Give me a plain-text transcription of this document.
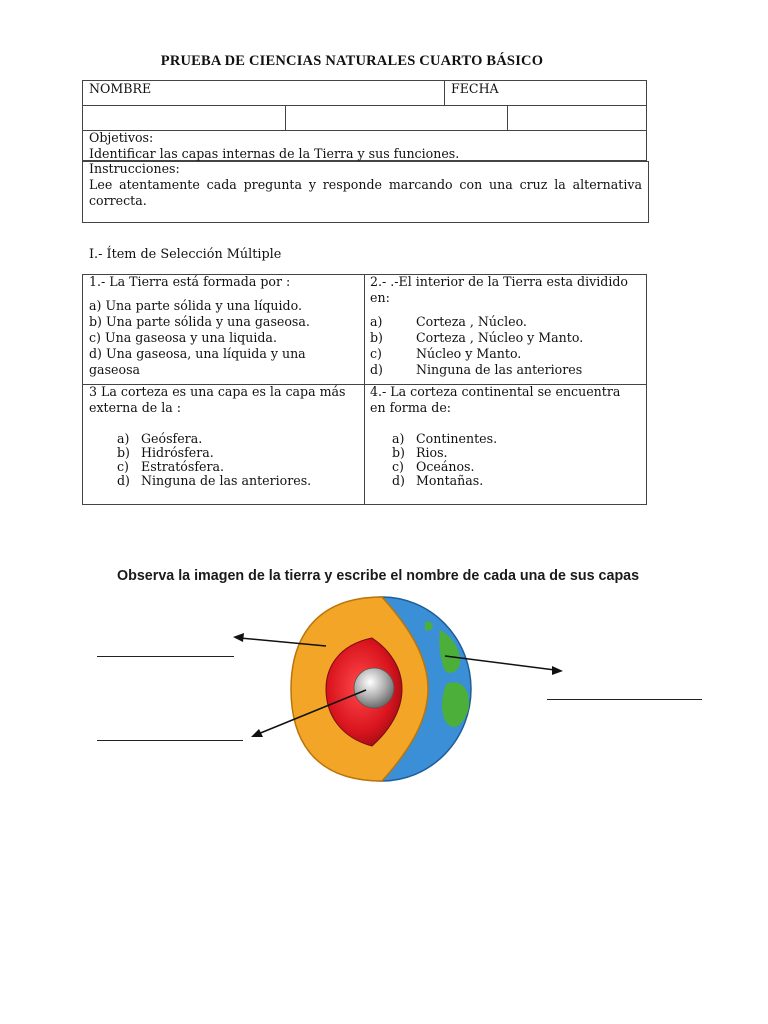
PRUEBA DE CIENCIAS NATURALES CUARTO BÁSICO
NOMBRE	FECHA
Objetivos:
Identificar las capas internas de la Tierra y sus funciones.
Instrucciones:
Lee atentamente cada pregunta y responde marcando con una cruz la alternativa correcta.
I.- Ítem de Selección Múltiple
1.- La Tierra está formada por :
a) Una parte sólida y una líquido.
b) Una parte sólida y una gaseosa.
c) Una gaseosa y una liquida.
d) Una gaseosa, una líquida y una
gaseosa
2.- .-El interior de la Tierra esta dividido
en:
a)	Corteza , Núcleo.
b)	Corteza , Núcleo y Manto.
c)	Núcleo y Manto.
d)	Ninguna de las anteriores
3 La corteza es una capa es la capa más
externa de la :
a) Geósfera.
b) Hidrósfera.
c) Estratósfera.
d) Ninguna de las anteriores.
4.- La corteza continental se encuentra
en forma de:
a) Continentes.
b) Rios.
c) Oceános.
d) Montañas.
Observa la imagen de la tierra y escribe el nombre de cada una de sus capas
